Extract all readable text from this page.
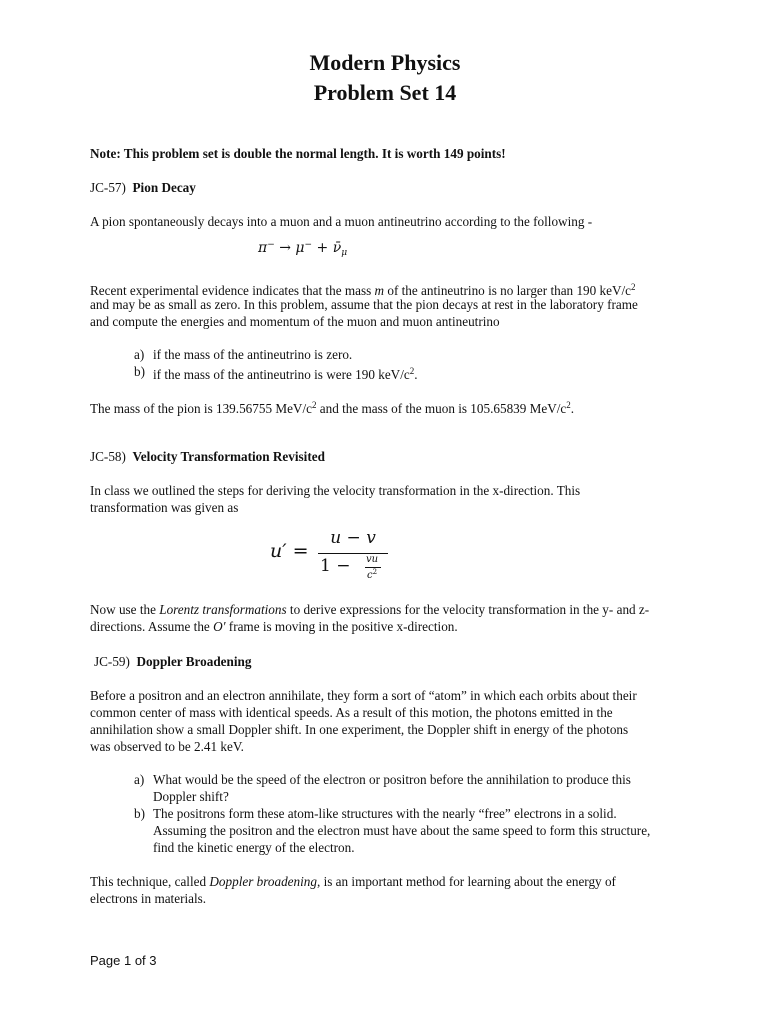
Modern Physics
Problem Set 14
Note: This problem set is double the normal length. It is worth 149 points!
JC-57) Pion Decay
A pion spontaneously decays into a muon and a muon antineutrino according to the following -
$\pi^- \to \mu^- + \nū_\mu$
Recent experimental evidence indicates that the mass m of the antineutrino is no larger than 190 keV/$c^2$
and may be as small as zero. In this problem, assume that the pion decays at rest in the laboratory frame
and compute the energies and momentum of the muon and muon antineutrino
a) if the mass of the antineutrino is zero.
b) if the mass of the antineutrino is were 190 keV/$c^2$.
The mass of the pion is 139.56755 MeV/$c^2$ and the mass of the muon is 105.65839 MeV/$c^2$.
JC-58) Velocity Transformation Revisited
In class we outlined the steps for deriving the velocity transformation in the x-direction. This
transformation was given as
u′ =
u − v
1 − vu
$c^2$
Now use the Lorentz transformations to derive expressions for the velocity transformation in the y- and z-
directions. Assume the O′ frame is moving in the positive x-direction.
JC-59) Doppler Broadening
Before a positron and an electron annihilate, they form a sort of “atom” in which each orbits about their
common center of mass with identical speeds. As a result of this motion, the photons emitted in the
annihilation show a small Doppler shift. In one experiment, the Doppler shift in energy of the photons
was observed to be 2.41 keV.
a) What would be the speed of the electron or positron before the annihilation to produce this
Doppler shift?
b) The positrons form these atom-like structures with the nearly “free” electrons in a solid.
Assuming the positron and the electron must have about the same speed to form this structure,
find the kinetic energy of the electron.
This technique, called Doppler broadening, is an important method for learning about the energy of
electrons in materials.
Page 1 of 3
